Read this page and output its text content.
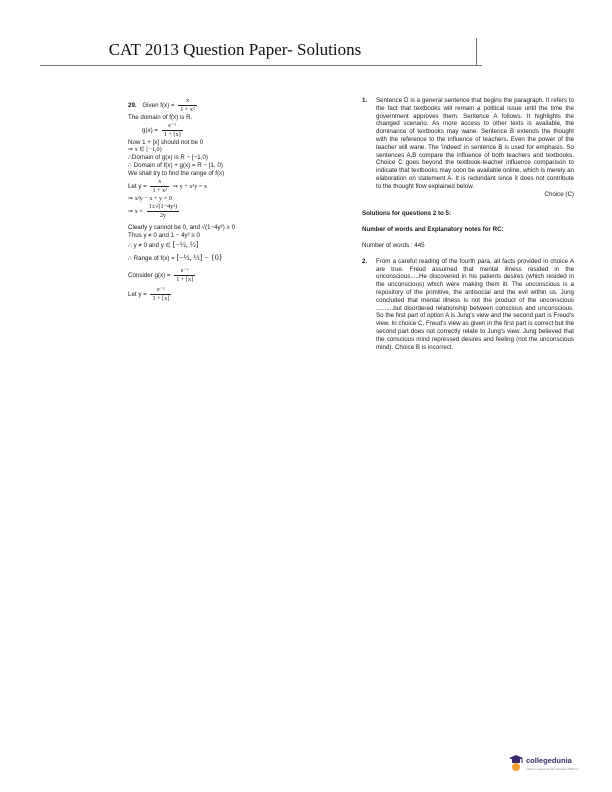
CAT 2013 Question Paper- Solutions
29. Given $f(x) = \frac{x}{\text{1 + x²}}$
The domain of f(x) is R.
$g(x) = \frac{\text{e⁻ˣ}}{1 + [x]}$
Now 1 + [x] should not be 0
⇒ x ∈ [−1,0)
∴Domain of g(x) is R − [−1,0)
∴ Domain of f(x) + g(x) = R − [1, 0)
We shall try to find the range of f(x)
Let $y = \frac{x}{\text{1 + x²}}$ ⇒ y + x²y = x
⇒ x²y − x + y = 0
⇒ $x = \frac{\text{1±√(1−4y²)}}{2y}$
Clearly y cannot be 0, and √(1−4y²) ≥ 0
Thus y ≠ 0 and 1 − 4y² ≥ 0
∴ y ≠ 0 and y ∈ [−½, ½]
∴ Range of f(x) = [−½, ½] − {0}
Consider $g(x) = \frac{\text{e⁻ˣ}}{1 + [x]}$
Let $y = \frac{\text{e⁻ˣ}}{1 + [x]}$
1.	Sentence D is a general sentence that begins the paragraph. It refers to the fact that textbooks will remain a political issue until the time the government approves them. Sentence A follows. It highlights the changed scenario. As more access to other texts is available, the dominance of textbooks may wane. Sentence B extends the thought with the reference to the influence of teachers. Even the power of the teacher will wane. The 'indeed' in sentence B is used for emphasis. So sentences A,B compare the influence of both teachers and textbooks. Choice C goes beyond the textbook-teacher influence comparison to indicate that textbooks may soon be available online, which is merely an elaboration on statement A. It is redundant since it does not contribute to the thought flow explained below.
Choice (C)
Solutions for questions 2 to 5:
Number of words and Explanatory notes for RC:
Number of words : 445
2.	From a careful reading of the fourth para, all facts provided in choice A are true. Freud assumed that mental illness resided in the unconscious.....He discovered in his patients desires (which resided in the unconscious) which were making them ill. The unconscious is a repository of the primitive, the antisocial and the evil within us. Jung concluded that mental illness is not the product of the unconscious ..........but disordered relationship between conscious and unconscious. So the first part of option A is Jung's view and the second part is Freud's view. In choice C, Freud's view as given in the first part is correct but the second part does not correctly relate to Jung's view. Jung believed that the conscious mind repressed desires and feeling (not the unconscious mind). Choice B is incorrect.
collegedunia
India's Largest Student Review Platform
